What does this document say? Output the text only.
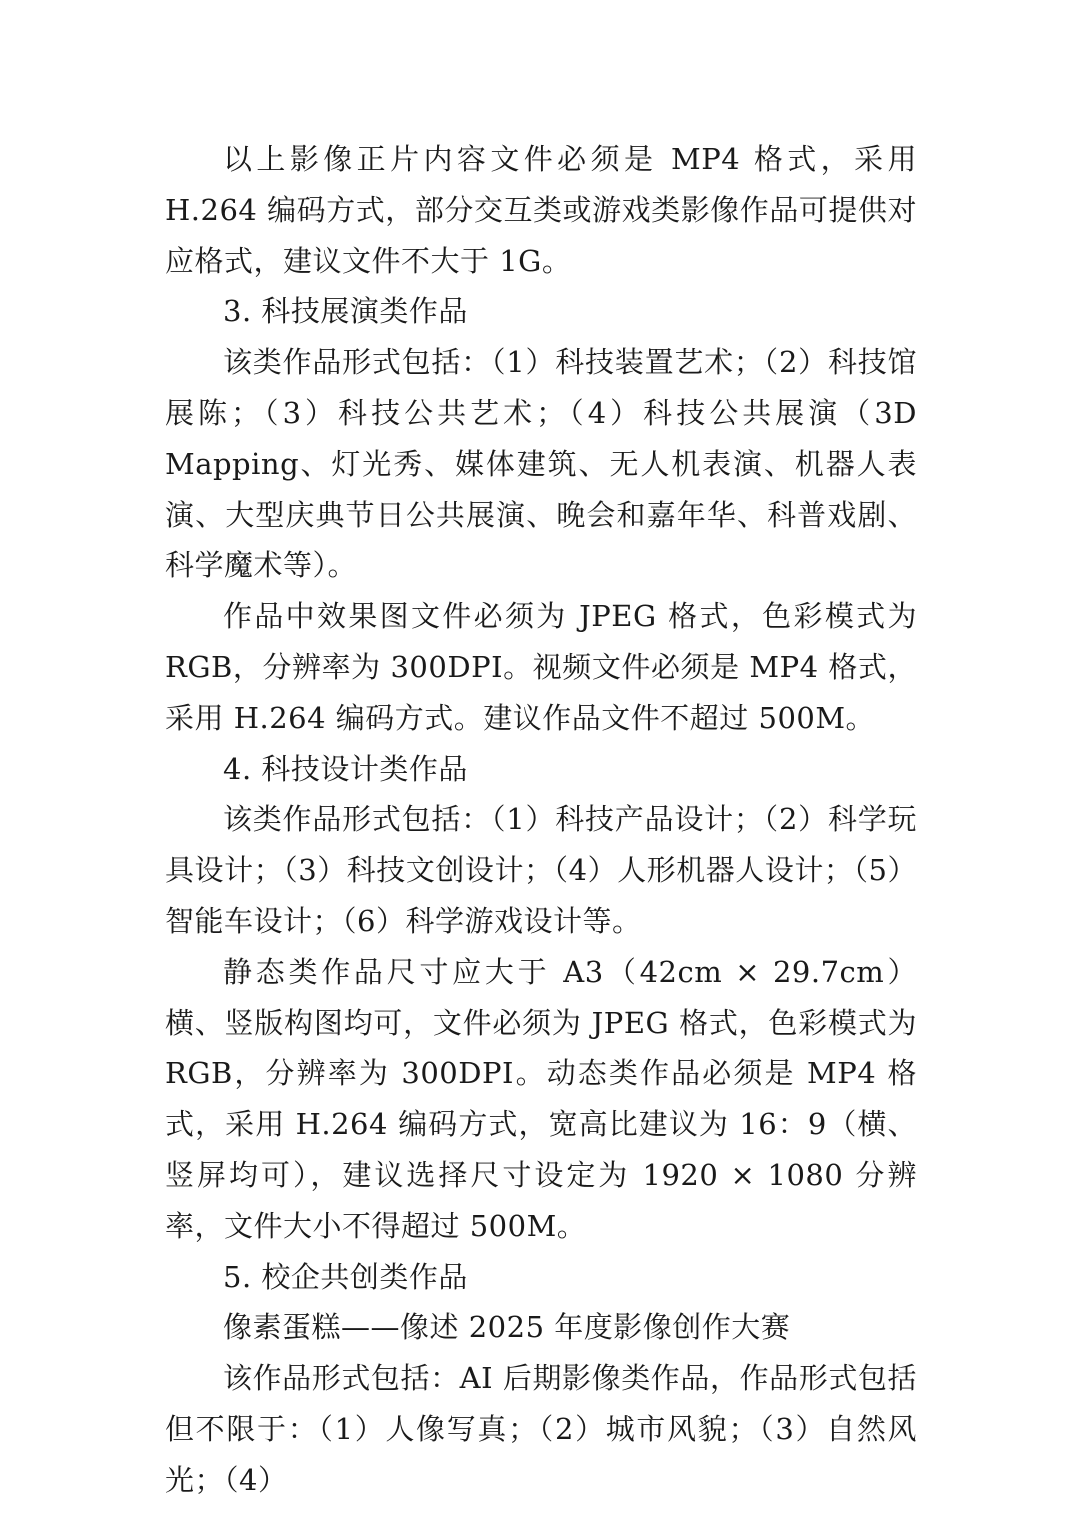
以上影像正片内容文件必须是 MP4 格式，采用 H.264 编码方式，部分交互类或游戏类影像作品可提供对应格式，建议文件不大于 1G。

3. 科技展演类作品

该类作品形式包括：（1）科技装置艺术；（2）科技馆展陈；（3）科技公共艺术；（4）科技公共展演（3D Mapping、灯光秀、媒体建筑、无人机表演、机器人表演、大型庆典节日公共展演、晚会和嘉年华、科普戏剧、科学魔术等）。

作品中效果图文件必须为 JPEG 格式，色彩模式为 RGB，分辨率为 300DPI。视频文件必须是 MP4 格式，采用 H.264 编码方式。建议作品文件不超过 500M。

4. 科技设计类作品

该类作品形式包括：（1）科技产品设计；（2）科学玩具设计；（3）科技文创设计；（4）人形机器人设计；（5）智能车设计；（6）科学游戏设计等。

静态类作品尺寸应大于 A3（42cm × 29.7cm）横、竖版构图均可，文件必须为 JPEG 格式，色彩模式为 RGB，分辨率为 300DPI。动态类作品必须是 MP4 格式，采用 H.264 编码方式，宽高比建议为 16：9（横、竖屏均可），建议选择尺寸设定为 1920 × 1080 分辨率，文件大小不得超过 500M。

5. 校企共创类作品

像素蛋糕——像述 2025 年度影像创作大赛

该作品形式包括：AI 后期影像类作品，作品形式包括但不限于：（1）人像写真；（2）城市风貌；（3）自然风光；（4）
